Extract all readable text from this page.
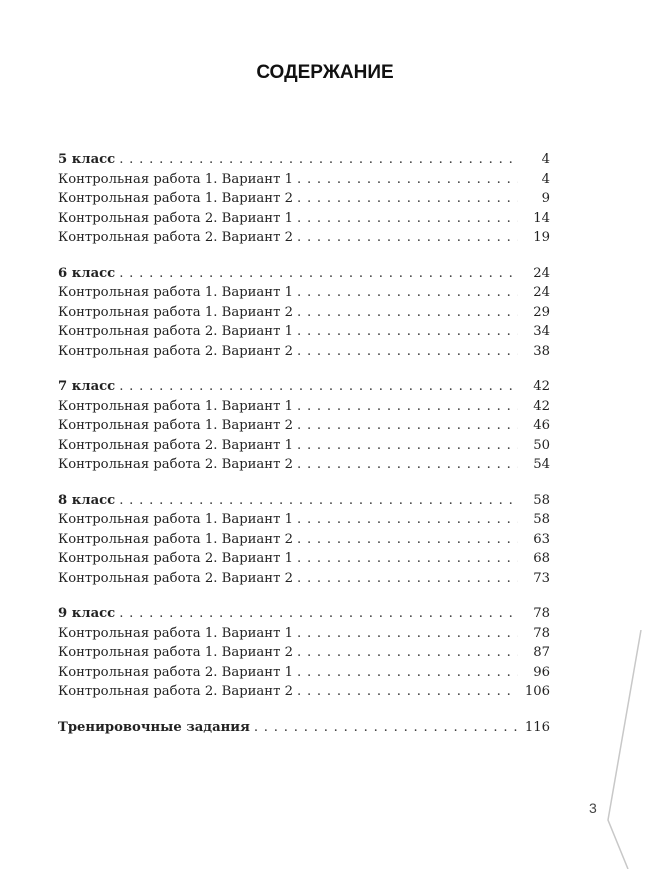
СОДЕРЖАНИЕ
5 класс . . .	4
Контрольная работа 1. Вариант 1 . . .	4
Контрольная работа 1. Вариант 2 . . .	9
Контрольная работа 2. Вариант 1 . . .	14
Контрольная работа 2. Вариант 2 . . .	19
6 класс . . .	24
Контрольная работа 1. Вариант 1 . . .	24
Контрольная работа 1. Вариант 2 . . .	29
Контрольная работа 2. Вариант 1 . . .	34
Контрольная работа 2. Вариант 2 . . .	38
7 класс . . .	42
Контрольная работа 1. Вариант 1 . . .	42
Контрольная работа 1. Вариант 2 . . .	46
Контрольная работа 2. Вариант 1 . . .	50
Контрольная работа 2. Вариант 2 . . .	54
8 класс . . .	58
Контрольная работа 1. Вариант 1 . . .	58
Контрольная работа 1. Вариант 2 . . .	63
Контрольная работа 2. Вариант 1 . . .	68
Контрольная работа 2. Вариант 2 . . .	73
9 класс . . .	78
Контрольная работа 1. Вариант 1 . . .	78
Контрольная работа 1. Вариант 2 . . .	87
Контрольная работа 2. Вариант 1 . . .	96
Контрольная работа 2. Вариант 2 . . .	106
Тренировочные задания . . .	116
3
